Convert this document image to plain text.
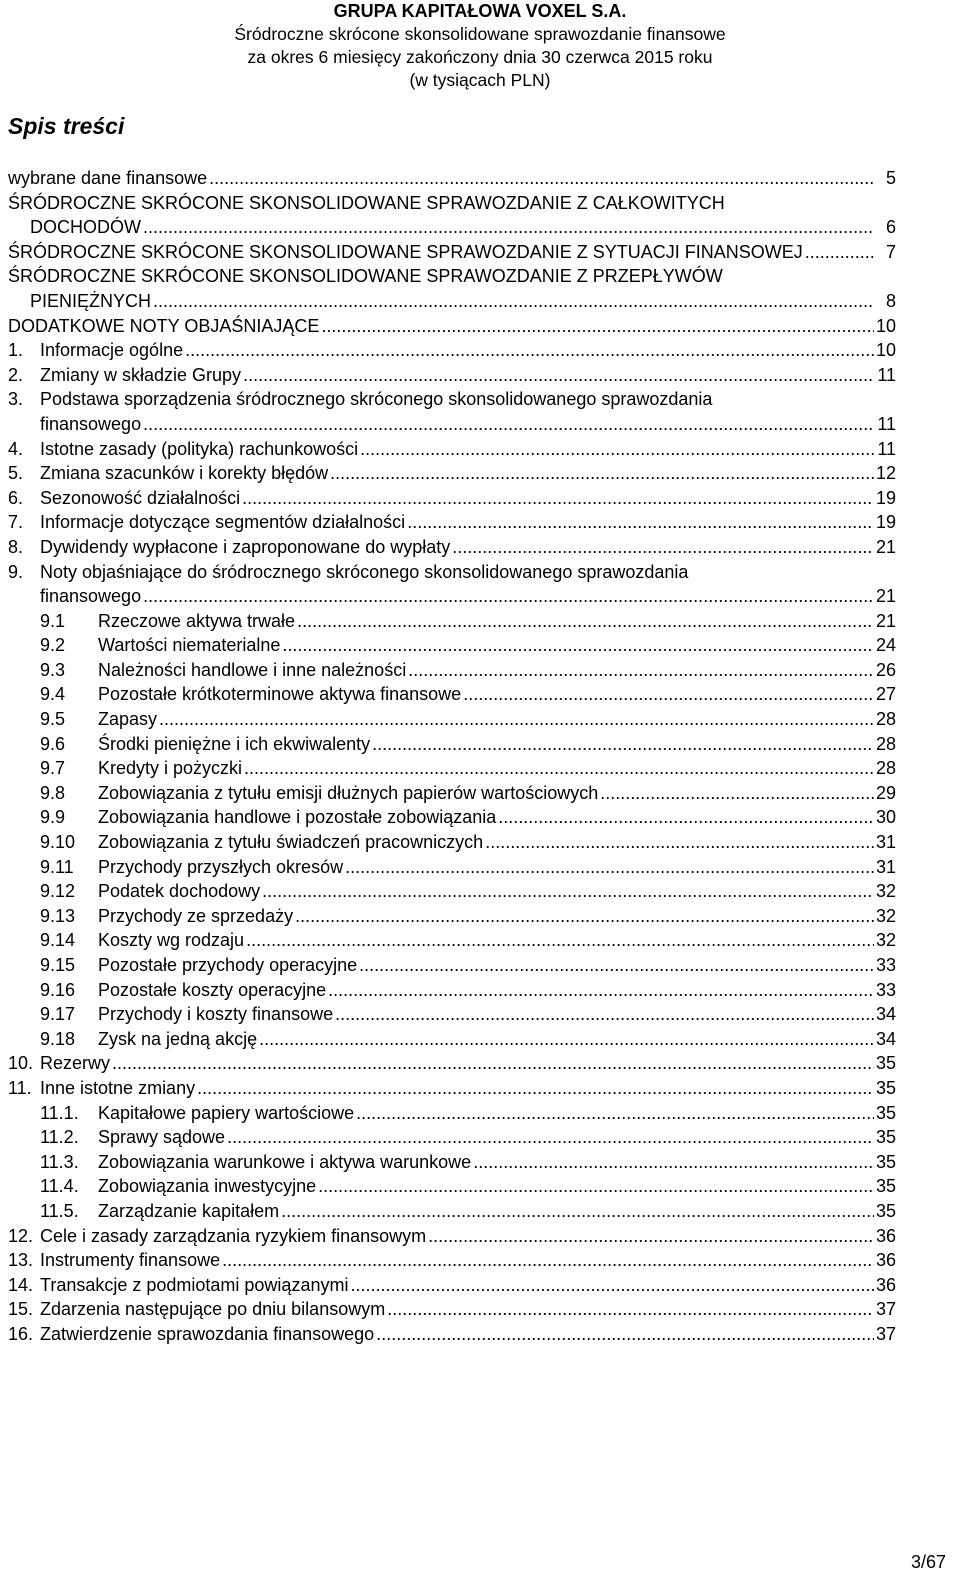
GRUPA KAPITAŁOWA VOXEL S.A.
Śródroczne skrócone skonsolidowane sprawozdanie finansowe
za okres 6 miesięcy zakończony dnia 30 czerwca 2015 roku
(w tysiącach PLN)
Spis treści
wybrane dane finansowe .....	5
ŚRÓDROCZNE SKRÓCONE SKONSOLIDOWANE SPRAWOZDANIE Z CAŁKOWITYCH
DOCHODÓW .....	6
ŚRÓDROCZNE SKRÓCONE SKONSOLIDOWANE SPRAWOZDANIE Z SYTUACJI FINANSOWEJ .....	7
ŚRÓDROCZNE SKRÓCONE SKONSOLIDOWANE SPRAWOZDANIE Z PRZEPŁYWÓW
PIENIĘŻNYCH .....	8
DODATKOWE NOTY OBJAŚNIAJĄCE .....	10
1. Informacje ogólne .....	10
2. Zmiany w składzie Grupy .....	11
3. Podstawa sporządzenia śródrocznego skróconego skonsolidowanego sprawozdania
finansowego .....	11
4. Istotne zasady (polityka) rachunkowości .....	11
5. Zmiana szacunków i korekty błędów .....	12
6. Sezonowość działalności .....	19
7. Informacje dotyczące segmentów działalności .....	19
8. Dywidendy wypłacone i zaproponowane do wypłaty .....	21
9. Noty objaśniające do śródrocznego skróconego skonsolidowanego sprawozdania
finansowego .....	21
9.1 Rzeczowe aktywa trwałe .....	21
9.2 Wartości niematerialne .....	24
9.3 Należności handlowe i inne należności .....	26
9.4 Pozostałe krótkoterminowe aktywa finansowe .....	27
9.5 Zapasy .....	28
9.6 Środki pieniężne i ich ekwiwalenty .....	28
9.7 Kredyty i pożyczki .....	28
9.8 Zobowiązania z tytułu emisji dłużnych papierów wartościowych .....	29
9.9 Zobowiązania handlowe i pozostałe zobowiązania .....	30
9.10 Zobowiązania z tytułu świadczeń pracowniczych .....	31
9.11 Przychody przyszłych okresów .....	31
9.12 Podatek dochodowy .....	32
9.13 Przychody ze sprzedaży .....	32
9.14 Koszty wg rodzaju .....	32
9.15 Pozostałe przychody operacyjne .....	33
9.16 Pozostałe koszty operacyjne .....	33
9.17 Przychody i koszty finansowe .....	34
9.18 Zysk na jedną akcję .....	34
10. Rezerwy .....	35
11. Inne istotne zmiany .....	35
11.1. Kapitałowe papiery wartościowe .....	35
11.2. Sprawy sądowe .....	35
11.3. Zobowiązania warunkowe i aktywa warunkowe .....	35
11.4. Zobowiązania inwestycyjne .....	35
11.5. Zarządzanie kapitałem .....	35
12. Cele i zasady zarządzania ryzykiem finansowym .....	36
13. Instrumenty finansowe .....	36
14. Transakcje z podmiotami powiązanymi .....	36
15. Zdarzenia następujące po dniu bilansowym .....	37
16. Zatwierdzenie sprawozdania finansowego .....	37
3/67
